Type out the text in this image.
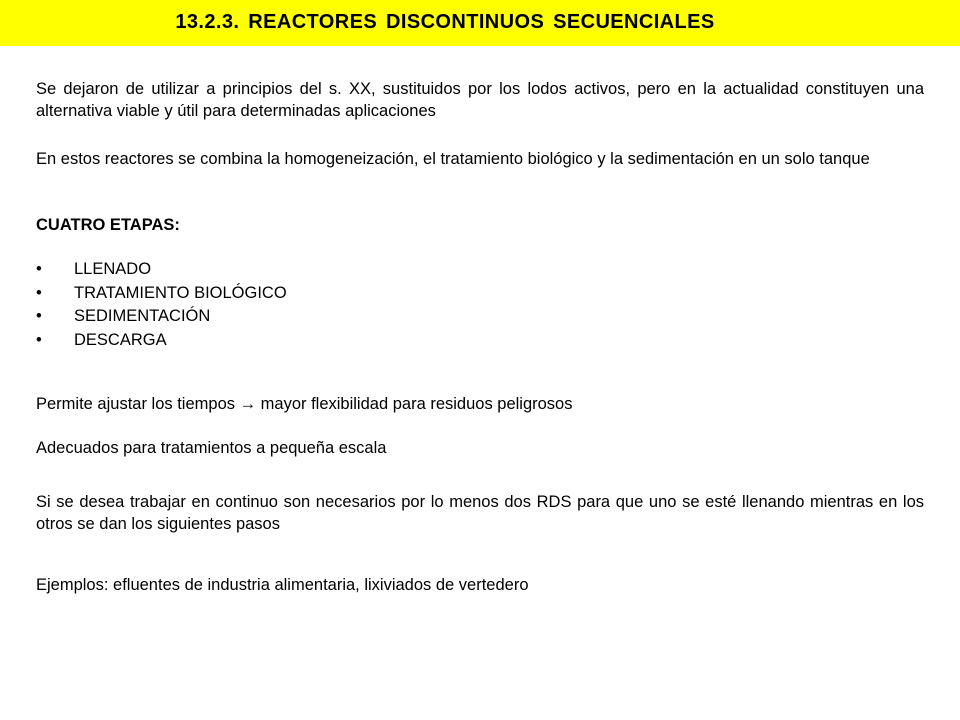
13.2.3. REACTORES DISCONTINUOS SECUENCIALES

Se dejaron de utilizar a principios del s. XX, sustituidos por los lodos activos, pero en la actualidad constituyen una alternativa viable y útil para determinadas aplicaciones

En estos reactores se combina la homogeneización, el tratamiento biológico y la sedimentación en un solo tanque

CUATRO ETAPAS:

• LLENADO
• TRATAMIENTO BIOLÓGICO
• SEDIMENTACIÓN
• DESCARGA

Permite ajustar los tiempos → mayor flexibilidad para residuos peligrosos

Adecuados para tratamientos a pequeña escala

Si se desea trabajar en continuo son necesarios por lo menos dos RDS para que uno se esté llenando mientras en los otros se dan los siguientes pasos

Ejemplos: efluentes de industria alimentaria, lixiviados de vertedero
